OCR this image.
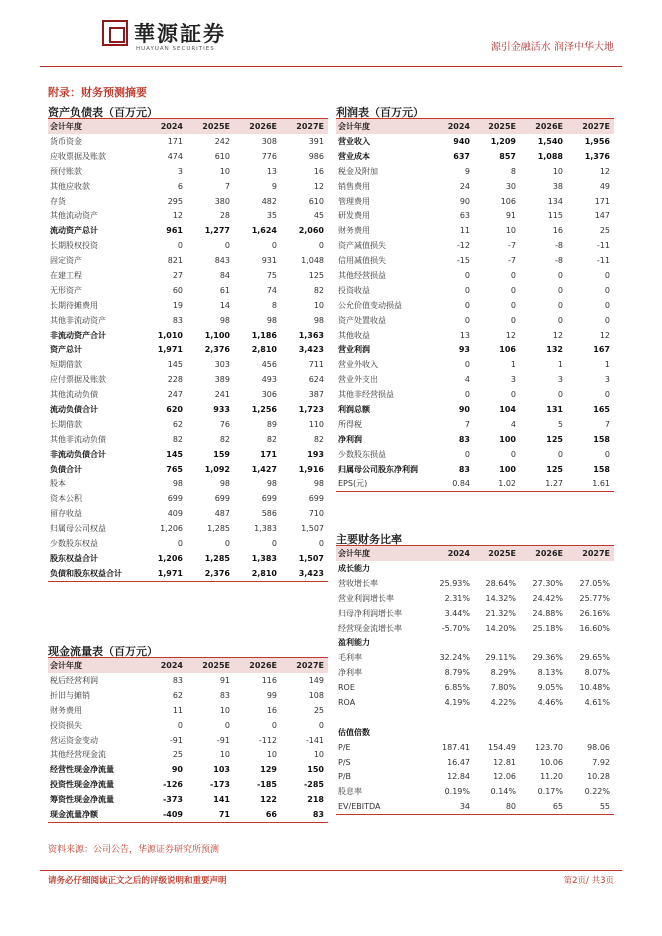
華源証券
HUAYUAN SECURITIES	源引金融活水 润泽中华大地
附录：财务预测摘要
资产负债表（百万元）
会计年度	2024	2025E	2026E	2027E
货币资金	171	242	308	391
应收票据及账款	474	610	776	986
预付账款	3	10	13	16
其他应收款	6	7	9	12
存货	295	380	482	610
其他流动资产	12	28	35	45
流动资产总计	961	1,277	1,624	2,060
长期股权投资	0	0	0	0
固定资产	821	843	931	1,048
在建工程	27	84	75	125
无形资产	60	61	74	82
长期待摊费用	19	14	8	10
其他非流动资产	83	98	98	98
非流动资产合计	1,010	1,100	1,186	1,363
资产总计	1,971	2,376	2,810	3,423
短期借款	145	303	456	711
应付票据及账款	228	389	493	624
其他流动负债	247	241	306	387
流动负债合计	620	933	1,256	1,723
长期借款	62	76	89	110
其他非流动负债	82	82	82	82
非流动负债合计	145	159	171	193
负债合计	765	1,092	1,427	1,916
股本	98	98	98	98
资本公积	699	699	699	699
留存收益	409	487	586	710
归属母公司权益	1,206	1,285	1,383	1,507
少数股东权益	0	0	0	0
股东权益合计	1,206	1,285	1,383	1,507
负债和股东权益合计	1,971	2,376	2,810	3,423
利润表（百万元）
会计年度	2024	2025E	2026E	2027E
营业收入	940	1,209	1,540	1,956
营业成本	637	857	1,088	1,376
税金及附加	9	8	10	12
销售费用	24	30	38	49
管理费用	90	106	134	171
研发费用	63	91	115	147
财务费用	11	10	16	25
资产减值损失	-12	-7	-8	-11
信用减值损失	-15	-7	-8	-11
其他经营损益	0	0	0	0
投资收益	0	0	0	0
公允价值变动损益	0	0	0	0
资产处置收益	0	0	0	0
其他收益	13	12	12	12
营业利润	93	106	132	167
营业外收入	0	1	1	1
营业外支出	4	3	3	3
其他非经营损益	0	0	0	0
利润总额	90	104	131	165
所得税	7	4	5	7
净利润	83	100	125	158
少数股东损益	0	0	0	0
归属母公司股东净利润	83	100	125	158
EPS(元)	0.84	1.02	1.27	1.61
主要财务比率
会计年度	2024	2025E	2026E	2027E
成长能力				
营收增长率	25.93%	28.64%	27.30%	27.05%
营业利润增长率	2.31%	14.32%	24.42%	25.77%
归母净利润增长率	3.44%	21.32%	24.88%	26.16%
经营现金流增长率	-5.70%	14.20%	25.18%	16.60%
盈利能力				
毛利率	32.24%	29.11%	29.36%	29.65%
净利率	8.79%	8.29%	8.13%	8.07%
ROE	6.85%	7.80%	9.05%	10.48%
ROA	4.19%	4.22%	4.46%	4.61%

估值倍数				
P/E	187.41	154.49	123.70	98.06
P/S	16.47	12.81	10.06	7.92
P/B	12.84	12.06	11.20	10.28
股息率	0.19%	0.14%	0.17%	0.22%
EV/EBITDA	34	80	65	55
现金流量表（百万元）
会计年度	2024	2025E	2026E	2027E
税后经营利润	83	91	116	149
折旧与摊销	62	83	99	108
财务费用	11	10	16	25
投资损失	0	0	0	0
营运资金变动	-91	-91	-112	-141
其他经营现金流	25	10	10	10
经营性现金净流量	90	103	129	150
投资性现金净流量	-126	-173	-185	-285
筹资性现金净流量	-373	141	122	218
现金流量净额	-409	71	66	83
资料来源：公司公告，华源证券研究所预测
请务必仔细阅读正文之后的评级说明和重要声明	第2页/ 共3页
